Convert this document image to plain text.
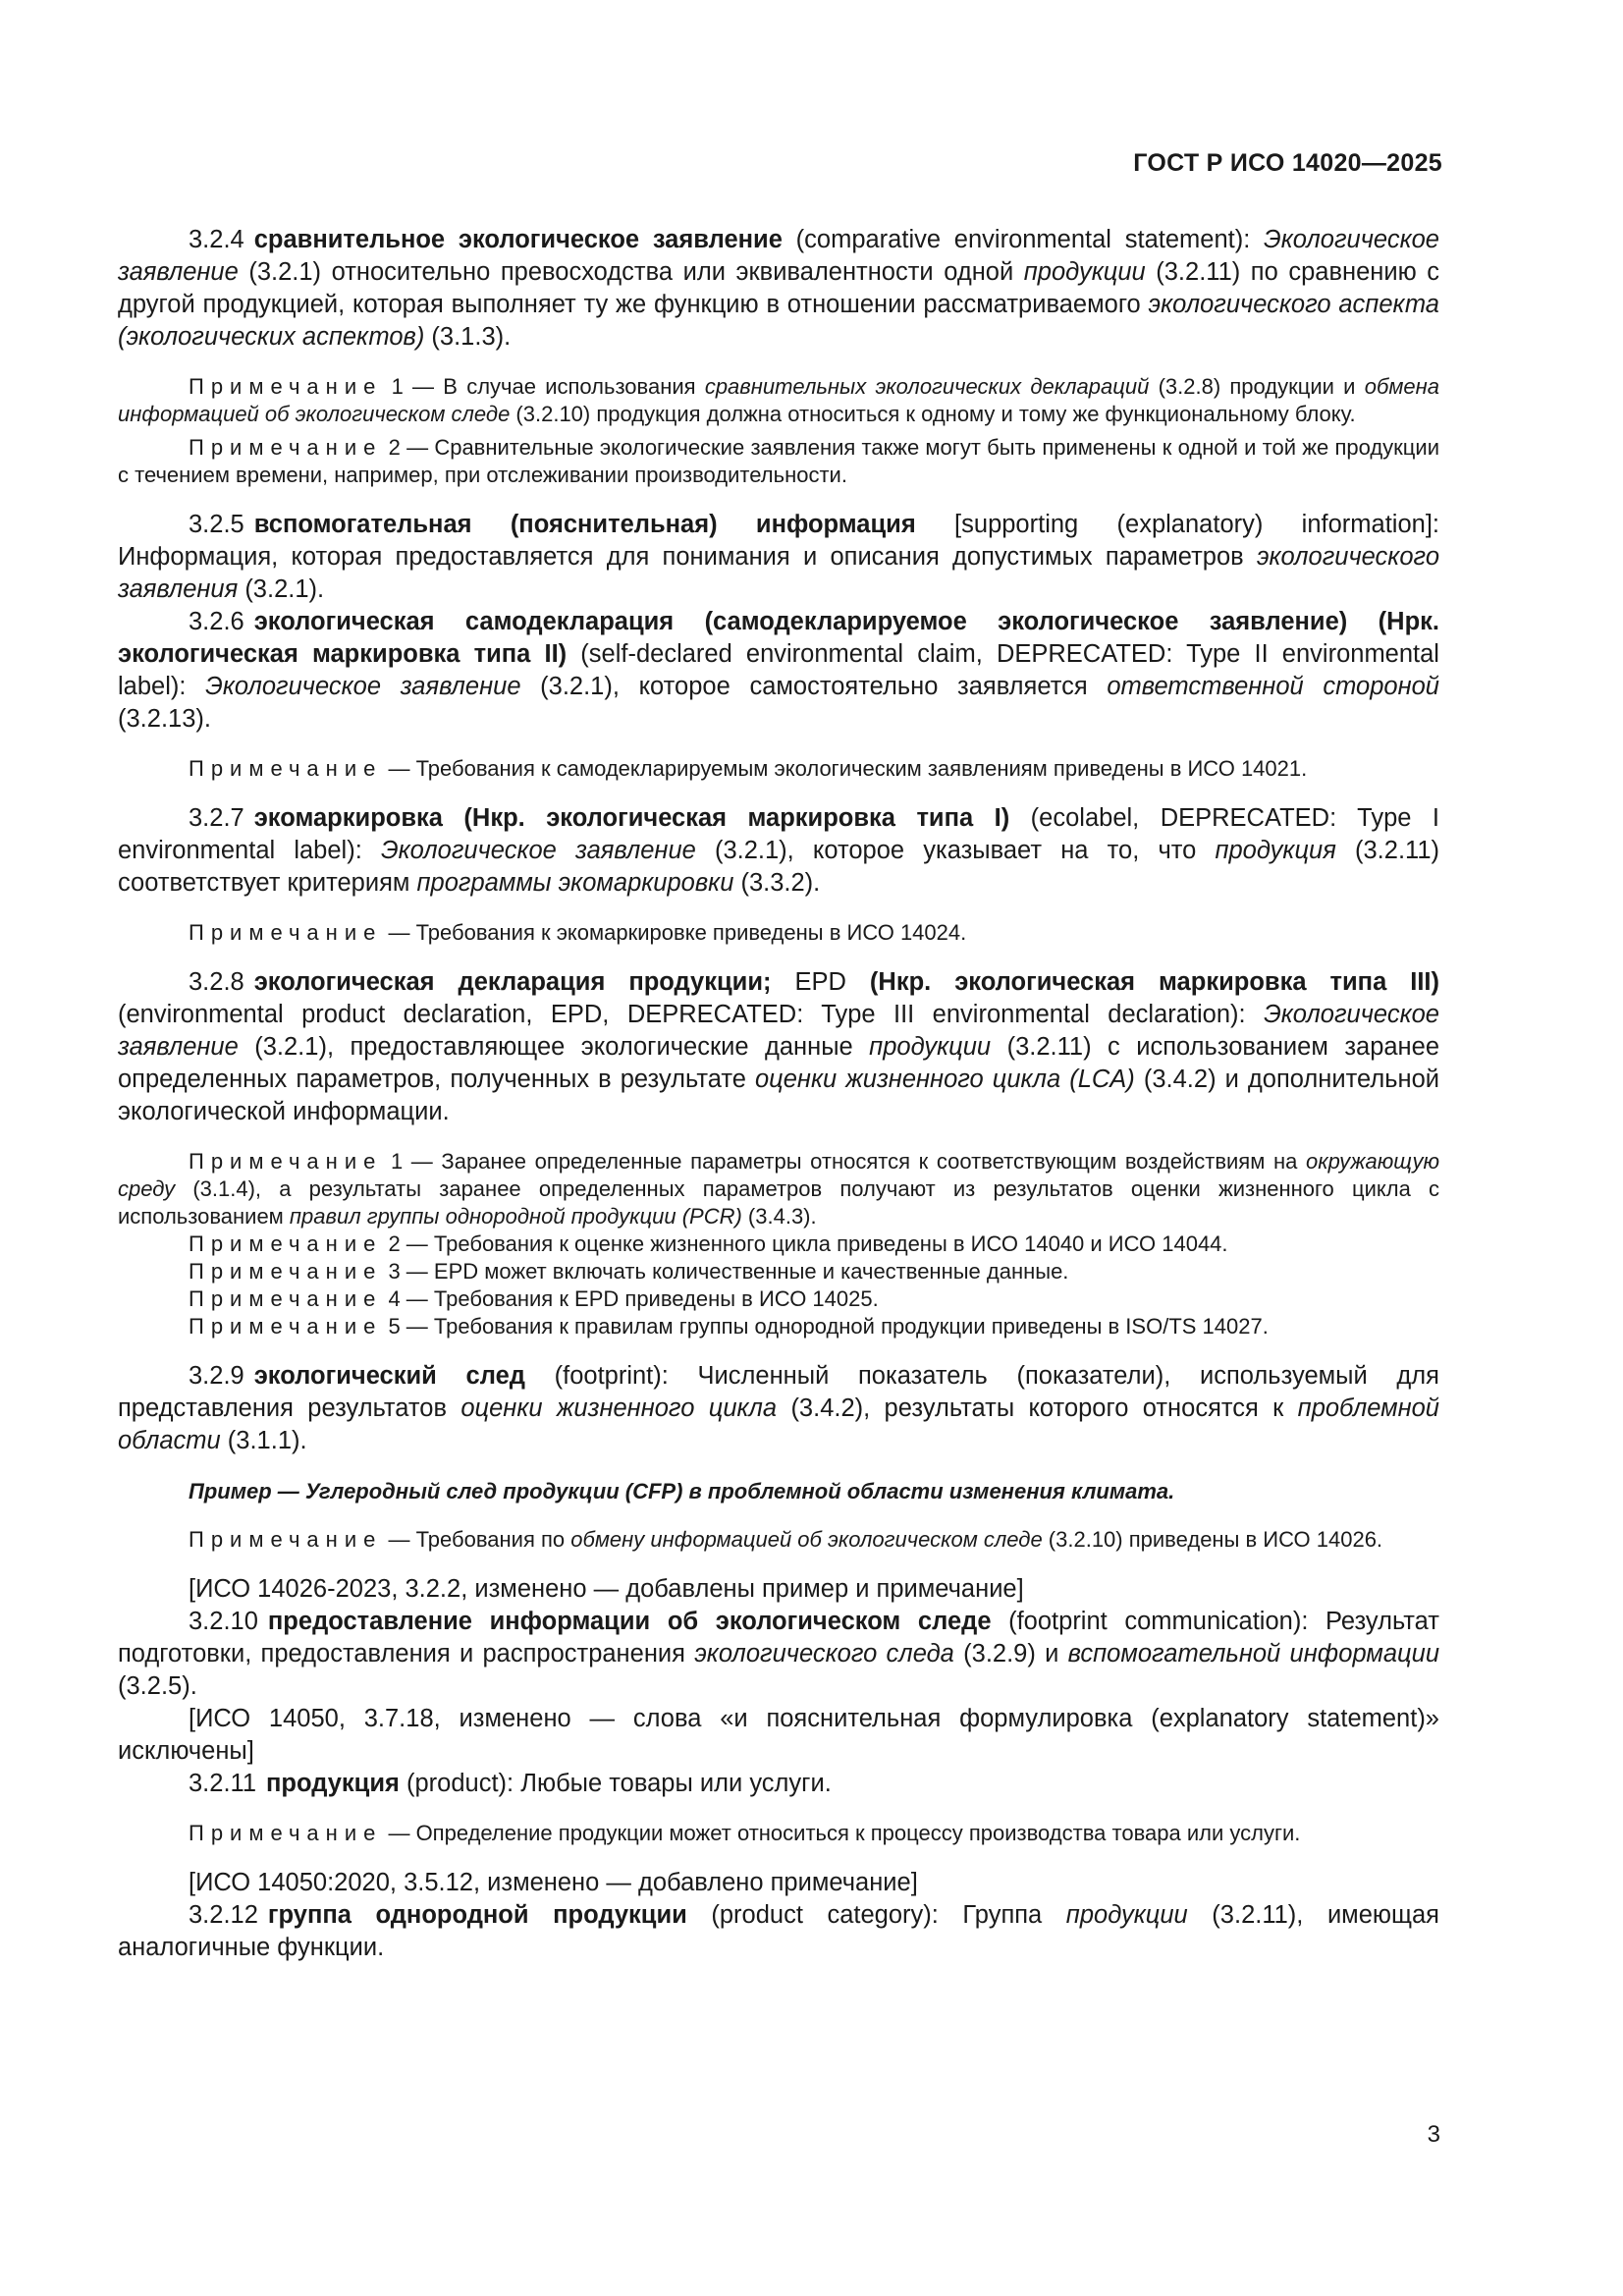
ГОСТ Р ИСО 14020—2025

3.2.4 сравнительное экологическое заявление (comparative environmental statement): Экологическое заявление (3.2.1) относительно превосходства или эквивалентности одной продукции (3.2.11) по сравнению с другой продукцией, которая выполняет ту же функцию в отношении рассматриваемого экологического аспекта (экологических аспектов) (3.1.3).

Примечание 1 — В случае использования сравнительных экологических деклараций (3.2.8) продукции и обмена информацией об экологическом следе (3.2.10) продукция должна относиться к одному и тому же функциональному блоку.

Примечание 2 — Сравнительные экологические заявления также могут быть применены к одной и той же продукции с течением времени, например, при отслеживании производительности.

3.2.5 вспомогательная (пояснительная) информация [supporting (explanatory) information]: Информация, которая предоставляется для понимания и описания допустимых параметров экологического заявления (3.2.1).

3.2.6 экологическая самодекларация (самодекларируемое экологическое заявление) (Нрк. экологическая маркировка типа II) (self-declared environmental claim, DEPRECATED: Type II environmental label): Экологическое заявление (3.2.1), которое самостоятельно заявляется ответственной стороной (3.2.13).

Примечание — Требования к самодекларируемым экологическим заявлениям приведены в ИСО 14021.

3.2.7 экомаркировка (Нкр. экологическая маркировка типа I) (ecolabel, DEPRECATED: Type I environmental label): Экологическое заявление (3.2.1), которое указывает на то, что продукция (3.2.11) соответствует критериям программы экомаркировки (3.3.2).

Примечание — Требования к экомаркировке приведены в ИСО 14024.

3.2.8 экологическая декларация продукции; EPD (Нкр. экологическая маркировка типа III) (environmental product declaration, EPD, DEPRECATED: Type III environmental declaration): Экологическое заявление (3.2.1), предоставляющее экологические данные продукции (3.2.11) с использованием заранее определенных параметров, полученных в результате оценки жизненного цикла (LCA) (3.4.2) и дополнительной экологической информации.

Примечание 1 — Заранее определенные параметры относятся к соответствующим воздействиям на окружающую среду (3.1.4), а результаты заранее определенных параметров получают из результатов оценки жизненного цикла с использованием правил группы однородной продукции (PCR) (3.4.3).

Примечание 2 — Требования к оценке жизненного цикла приведены в ИСО 14040 и ИСО 14044.

Примечание 3 — EPD может включать количественные и качественные данные.

Примечание 4 — Требования к EPD приведены в ИСО 14025.

Примечание 5 — Требования к правилам группы однородной продукции приведены в ISO/TS 14027.

3.2.9 экологический след (footprint): Численный показатель (показатели), используемый для представления результатов оценки жизненного цикла (3.4.2), результаты которого относятся к проблемной области (3.1.1).

Пример — Углеродный след продукции (CFP) в проблемной области изменения климата.

Примечание — Требования по обмену информацией об экологическом следе (3.2.10) приведены в ИСО 14026.

[ИСО 14026-2023, 3.2.2, изменено — добавлены пример и примечание]

3.2.10 предоставление информации об экологическом следе (footprint communication): Результат подготовки, предоставления и распространения экологического следа (3.2.9) и вспомогательной информации (3.2.5).

[ИСО 14050, 3.7.18, изменено — слова «и пояснительная формулировка (explanatory statement)» исключены]

3.2.11 продукция (product): Любые товары или услуги.

Примечание — Определение продукции может относиться к процессу производства товара или услуги.

[ИСО 14050:2020, 3.5.12, изменено — добавлено примечание]

3.2.12 группа однородной продукции (product category): Группа продукции (3.2.11), имеющая аналогичные функции.

3
